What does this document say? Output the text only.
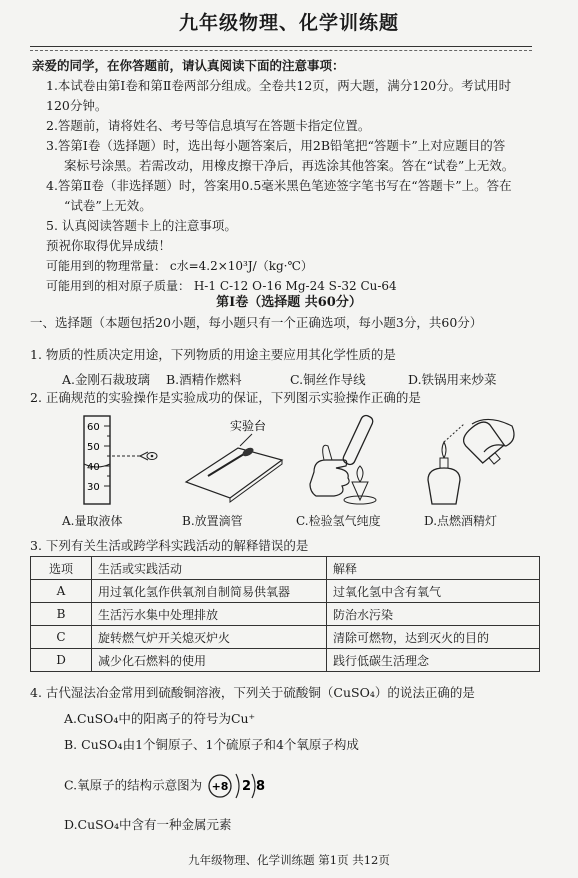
九年级物理、化学训练题
亲爱的同学，在你答题前，请认真阅读下面的注意事项：
1.本试卷由第Ⅰ卷和第Ⅱ卷两部分组成。全卷共12页，两大题，满分120分。考试用时
120分钟。
2.答题前，请将姓名、考号等信息填写在答题卡指定位置。
3.答第Ⅰ卷（选择题）时，选出每小题答案后，用2B铅笔把“答题卡”上对应题目的答
案标号涂黑。若需改动，用橡皮擦干净后，再选涂其他答案。答在“试卷”上无效。
4.答第Ⅱ卷（非选择题）时，答案用0.5毫米黑色笔迹签字笔书写在“答题卡”上。答在
“试卷”上无效。
5. 认真阅读答题卡上的注意事项。
预祝你取得优异成绩！
可能用到的物理常量： c水=4.2×10³J/（kg·℃）
可能用到的相对原子质量： H-1 C-12 O-16 Mg-24 S-32 Cu-64
第Ⅰ卷（选择题 共60分）
一、选择题（本题包括20小题，每小题只有一个正确选项，每小题3分，共60分）
1. 物质的性质决定用途，下列物质的用途主要应用其化学性质的是
A.金刚石裁玻璃 B.酒精作燃料	C.铜丝作导线	D.铁锅用来炒菜
2. 正确规范的实验操作是实验成功的保证，下列图示实验操作正确的是
60
50
40
30
实验台
A.量取液体	B.放置滴管	C.检验氢气纯度	D.点燃酒精灯
3. 下列有关生活或跨学科实践活动的解释错误的是
选项	生活或实践活动	解释
A	用过氧化氢作供氧剂自制简易供氧器	过氧化氢中含有氧气
B	生活污水集中处理排放	防治水污染
C	旋转燃气炉开关熄灭炉火	清除可燃物，达到灭火的目的
D	减少化石燃料的使用	践行低碳生活理念
4. 古代湿法冶金常用到硫酸铜溶液，下列关于硫酸铜（CuSO₄）的说法正确的是
A.CuSO₄中的阳离子的符号为Cu⁺
B. CuSO₄由1个铜原子、1个硫原子和4个氧原子构成
C.氧原子的结构示意图为 +8 2 8
D.CuSO₄中含有一种金属元素
九年级物理、化学训练题 第1页 共12页
